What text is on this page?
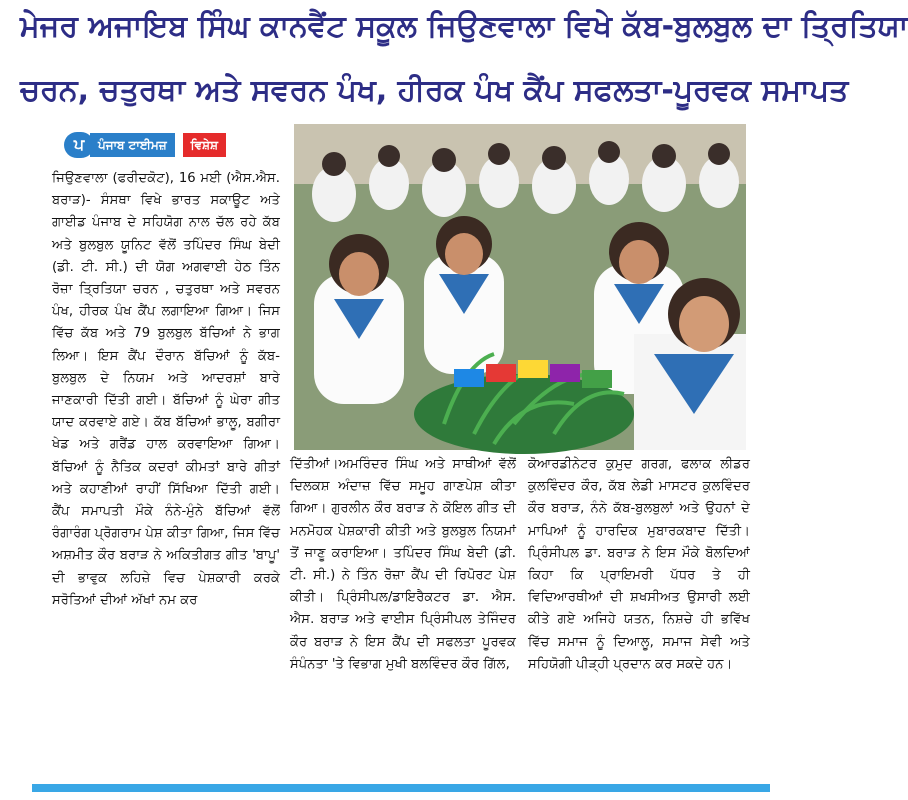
ਮੇਜਰ ਅਜਾਇਬ ਸਿੰਘ ਕਾਨਵੈਂਟ ਸਕੂਲ ਜਿਉਣਵਾਲਾ ਵਿਖੇ ਕੱਬ-ਬੁਲਬੁਲ ਦਾ ਤ੍ਰਿਤਿਯਾ
ਚਰਨ, ਚਤੁਰਥਾ ਅਤੇ ਸਵਰਨ ਪੰਖ, ਹੀਰਕ ਪੰਖ ਕੈਂਪ ਸਫਲਤਾ-ਪੂਰਵਕ ਸਮਾਪਤ
ਪ	ਪੰਜਾਬ ਟਾਈਮਜ਼	ਵਿਸ਼ੇਸ਼
ਜਿਉਣਵਾਲਾ (ਫਰੀਦਕੋਟ), 16 ਮਈ (ਐਸ.ਐਸ. ਬਰਾੜ)- ਸੰਸਥਾ ਵਿਖੇ ਭਾਰਤ ਸਕਾਊਟ ਅਤੇ ਗਾਈਡ ਪੰਜਾਬ ਦੇ ਸਹਿਯੋਗ ਨਾਲ ਚੱਲ ਰਹੇ ਕੱਬ ਅਤੇ ਬੁਲਬੁਲ ਯੂਨਿਟ ਵੱਲੋਂ ਤਪਿੰਦਰ ਸਿੰਘ ਬੇਦੀ (ਡੀ. ਟੀ. ਸੀ.) ਦੀ ਯੋਗ ਅਗਵਾਈ ਹੇਠ ਤਿੰਨ ਰੋਜ਼ਾ ਤ੍ਰਿਤਿਯਾ ਚਰਨ , ਚਤੁਰਥਾ ਅਤੇ ਸਵਰਨ ਪੰਖ, ਹੀਰਕ ਪੰਖ ਕੈਂਪ ਲਗਾਇਆ ਗਿਆ। ਜਿਸ ਵਿੱਚ ਕੱਬ ਅਤੇ 79 ਬੁਲਬੁਲ ਬੱਚਿਆਂ ਨੇ ਭਾਗ ਲਿਆ। ਇਸ ਕੈਂਪ ਦੌਰਾਨ ਬੱਚਿਆਂ ਨੂੰ ਕੱਬ-ਬੁਲਬੁਲ ਦੇ ਨਿਯਮ ਅਤੇ ਆਦਰਸ਼ਾਂ ਬਾਰੇ ਜਾਣਕਾਰੀ ਦਿੱਤੀ ਗਈ। ਬੱਚਿਆਂ ਨੂੰ ਘੇਰਾ ਗੀਤ ਯਾਦ ਕਰਵਾਏ ਗਏ। ਕੱਬ ਬੱਚਿਆਂ ਭਾਲੂ, ਬਗੀਰਾ ਖੇਡ ਅਤੇ ਗਰੈਂਡ ਹਾਲ ਕਰਵਾਇਆ ਗਿਆ। ਬੱਚਿਆਂ ਨੂੰ ਨੈਤਿਕ ਕਦਰਾਂ ਕੀਮਤਾਂ ਬਾਰੇ ਗੀਤਾਂ ਅਤੇ ਕਹਾਣੀਆਂ ਰਾਹੀਂ ਸਿੱਖਿਆ ਦਿੱਤੀ ਗਈ। ਕੈਂਪ ਸਮਾਪਤੀ ਮੌਕੇ ਨੰਨੇ-ਮੁੰਨੇ ਬੱਚਿਆਂ ਵੱਲੋਂ ਰੰਗਾਰੰਗ ਪ੍ਰੋਗਰਾਮ ਪੇਸ਼ ਕੀਤਾ ਗਿਆ, ਜਿਸ ਵਿੱਚ ਅਸ਼ਮੀਤ ਕੌਰ ਬਰਾੜ ਨੇ ਅਕਿਤੀਗਤ ਗੀਤ 'ਬਾਪੂ' ਦੀ ਭਾਵੁਕ ਲਹਿਜ਼ੇ ਵਿਚ ਪੇਸ਼ਕਾਰੀ ਕਰਕੇ ਸਰੋਤਿਆਂ ਦੀਆਂ ਅੱਖਾਂ ਨਮ ਕਰ
ਦਿੱਤੀਆਂ।ਅਮਰਿੰਦਰ ਸਿੰਘ ਅਤੇ ਸਾਥੀਆਂ ਵੱਲੋਂ ਦਿਲਕਸ਼ ਅੰਦਾਜ਼ ਵਿੱਚ ਸਮੂਹ ਗਾਣਪੇਸ਼ ਕੀਤਾ ਗਿਆ। ਗੁਰਲੀਨ ਕੌਰ ਬਰਾੜ ਨੇ ਕੋਇਲ ਗੀਤ ਦੀ ਮਨਮੋਹਕ ਪੇਸ਼ਕਾਰੀ ਕੀਤੀ ਅਤੇ ਬੁਲਬੁਲ ਨਿਯਮਾਂ ਤੋਂ ਜਾਣੂ ਕਰਾਇਆ। ਤਪਿੰਦਰ ਸਿੰਘ ਬੇਦੀ (ਡੀ. ਟੀ. ਸੀ.) ਨੇ ਤਿੰਨ ਰੋਜ਼ਾ ਕੈਂਪ ਦੀ ਰਿਪੋਰਟ ਪੇਸ਼ ਕੀਤੀ। ਪ੍ਰਿੰਸੀਪਲ/ਡਾਇਰੈਕਟਰ ਡਾ. ਐਸ. ਐਸ. ਬਰਾੜ ਅਤੇ ਵਾਈਸ ਪ੍ਰਿੰਸੀਪਲ ਤੇਜਿੰਦਰ ਕੌਰ ਬਰਾੜ ਨੇ ਇਸ ਕੈਂਪ ਦੀ ਸਫਲਤਾ ਪੂਰਵਕ ਸੰਪੰਨਤਾ 'ਤੇ ਵਿਭਾਗ ਮੁਖੀ ਬਲਵਿੰਦਰ ਕੌਰ ਗਿੱਲ,
ਕੋਆਰਡੀਨੇਟਰ ਕੁਮੁਦ ਗਰਗ, ਫਲਾਕ ਲੀਡਰ ਕੁਲਵਿੰਦਰ ਕੌਰ, ਕੱਬ ਲੇਡੀ ਮਾਸਟਰ ਕੁਲਵਿੰਦਰ ਕੌਰ ਬਰਾੜ, ਨੰਨੇ ਕੱਬ-ਬੁਲਬੁਲਾਂ ਅਤੇ ਉਹਨਾਂ ਦੇ ਮਾਪਿਆਂ ਨੂੰ ਹਾਰਦਿਕ ਮੁਬਾਰਕਬਾਦ ਦਿੱਤੀ। ਪ੍ਰਿੰਸੀਪਲ ਡਾ. ਬਰਾੜ ਨੇ ਇਸ ਮੌਕੇ ਬੋਲਦਿਆਂ ਕਿਹਾ ਕਿ ਪ੍ਰਾਇਮਰੀ ਪੱਧਰ ਤੇ ਹੀ ਵਿਦਿਆਰਥੀਆਂ ਦੀ ਸ਼ਖਸੀਅਤ ਉਸਾਰੀ ਲਈ ਕੀਤੇ ਗਏ ਅਜਿਹੇ ਯਤਨ, ਨਿਸ਼ਚੇ ਹੀ ਭਵਿੱਖ ਵਿੱਚ ਸਮਾਜ ਨੂੰ ਦਿਆਲੂ, ਸਮਾਜ ਸੇਵੀ ਅਤੇ ਸਹਿਯੋਗੀ ਪੀੜ੍ਹੀ ਪ੍ਰਦਾਨ ਕਰ ਸਕਦੇ ਹਨ।
